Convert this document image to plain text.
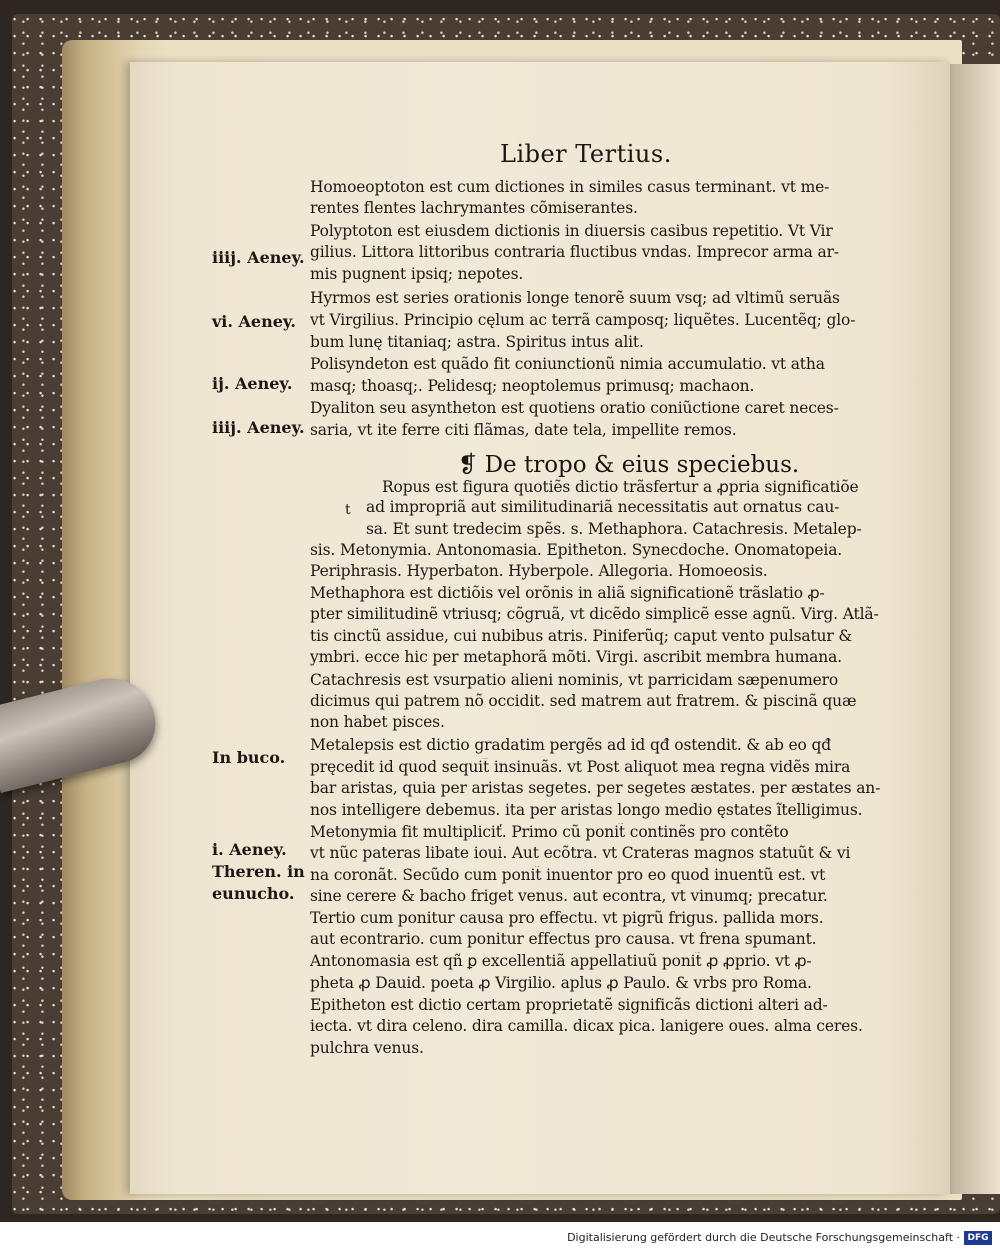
Liber Tertius.
❡ De tropo & eius speciebus.
t
iiij. Aeney.
vi. Aeney.
ij. Aeney.
iiij. Aeney.
In buco.
i. Aeney.
Theren. in
eunucho.
Homoeoptoton est cum dictiones in similes casus terminant. vt me-
rentes flentes lachrymantes cõmiserantes.
Polyptoton est eiusdem dictionis in diuersis casibus repetitio. Vt Vir
gilius. Littora littoribus contraria fluctibus vndas. Imprecor arma ar-
mis pugnent ipsiq; nepotes.
Hyrmos est series orationis longe tenorẽ suum vsq; ad vltimũ seruãs
vt Virgilius. Principio cęlum ac terrã camposq; liquẽtes. Lucentẽq; glo-
bum lunę titaniaq; astra. Spiritus intus alit.
Polisyndeton est quãdo fit coniunctionũ nimia accumulatio. vt atha
masq; thoasq;. Pelidesq; neoptolemus primusq; machaon.
Dyaliton seu asyntheton est quotiens oratio coniũctione caret neces-
saria, vt ite ferre citi flãmas, date tela, impellite remos.
Ropus est figura quotiẽs dictio trãsfertur a ꝓpria significatiõe
ad impropriã aut similitudinariã necessitatis aut ornatus cau-
sa. Et sunt tredecim spẽs. s. Methaphora. Catachresis. Metalep-
sis. Metonymia. Antonomasia. Epitheton. Synecdoche. Onomatopeia.
Periphrasis. Hyperbaton. Hyberpole. Allegoria. Homoeosis.
Methaphora est dictiõis vel orõnis in aliã significationẽ trãslatio ꝓ-
pter similitudinẽ vtriusq; cõgruã, vt dicẽdo simplicẽ esse agnũ. Virg. Atlã-
tis cinctũ assidue, cui nubibus atris. Piniferũq; caput vento pulsatur &
ymbri. ecce hic per metaphorã mõti. Virgi. ascribit membra humana.
Catachresis est vsurpatio alieni nominis, vt parricidam sæpenumero
dicimus qui patrem nõ occidit. sed matrem aut fratrem. & piscinã quæ
non habet pisces.
Metalepsis est dictio gradatim pergẽs ad id qđ ostendit. & ab eo qđ
pręcedit id quod sequit̃ insinuãs. vt Post aliquot mea regna vidẽs mira
bar aristas, quia per aristas segetes. per segetes æstates. per æstates an-
nos intelligere debemus. ita per aristas longo medio ęstates ĩtelligimus.
Metonymia fit multipliciť. Primo cũ ponit̃ continẽs pro contẽto
vt nũc pateras libate ioui. Aut ecõtra. vt Crateras magnos statuũt & vi
na coronãt. Secũdo cum ponit̃ inuentor pro eo quod inuentũ est. vt
sine cerere & bacho friget venus. aut econtra, vt vinumq; precatur.
Tertio cum ponitur causa pro effectu. vt pigrũ frigus. pallida mors.
aut econtrario. cum ponitur effectus pro causa. vt frena spumant.
Antonomasia est qñ ꝑ excellentiã appellatiuũ ponit̃ ꝓ ꝓprio. vt ꝓ-
pheta ꝓ Dauid. poeta ꝓ Virgilio. aplus ꝓ Paulo. & vrbs pro Roma.
Epitheton est dictio certam proprietatẽ significãs dictioni alteri ad-
iecta. vt dira celeno. dira camilla. dicax pica. lanigere oues. alma ceres.
pulchra venus.
Digitalisierung gefördert durch die Deutsche Forschungsgemeinschaft · DFG
